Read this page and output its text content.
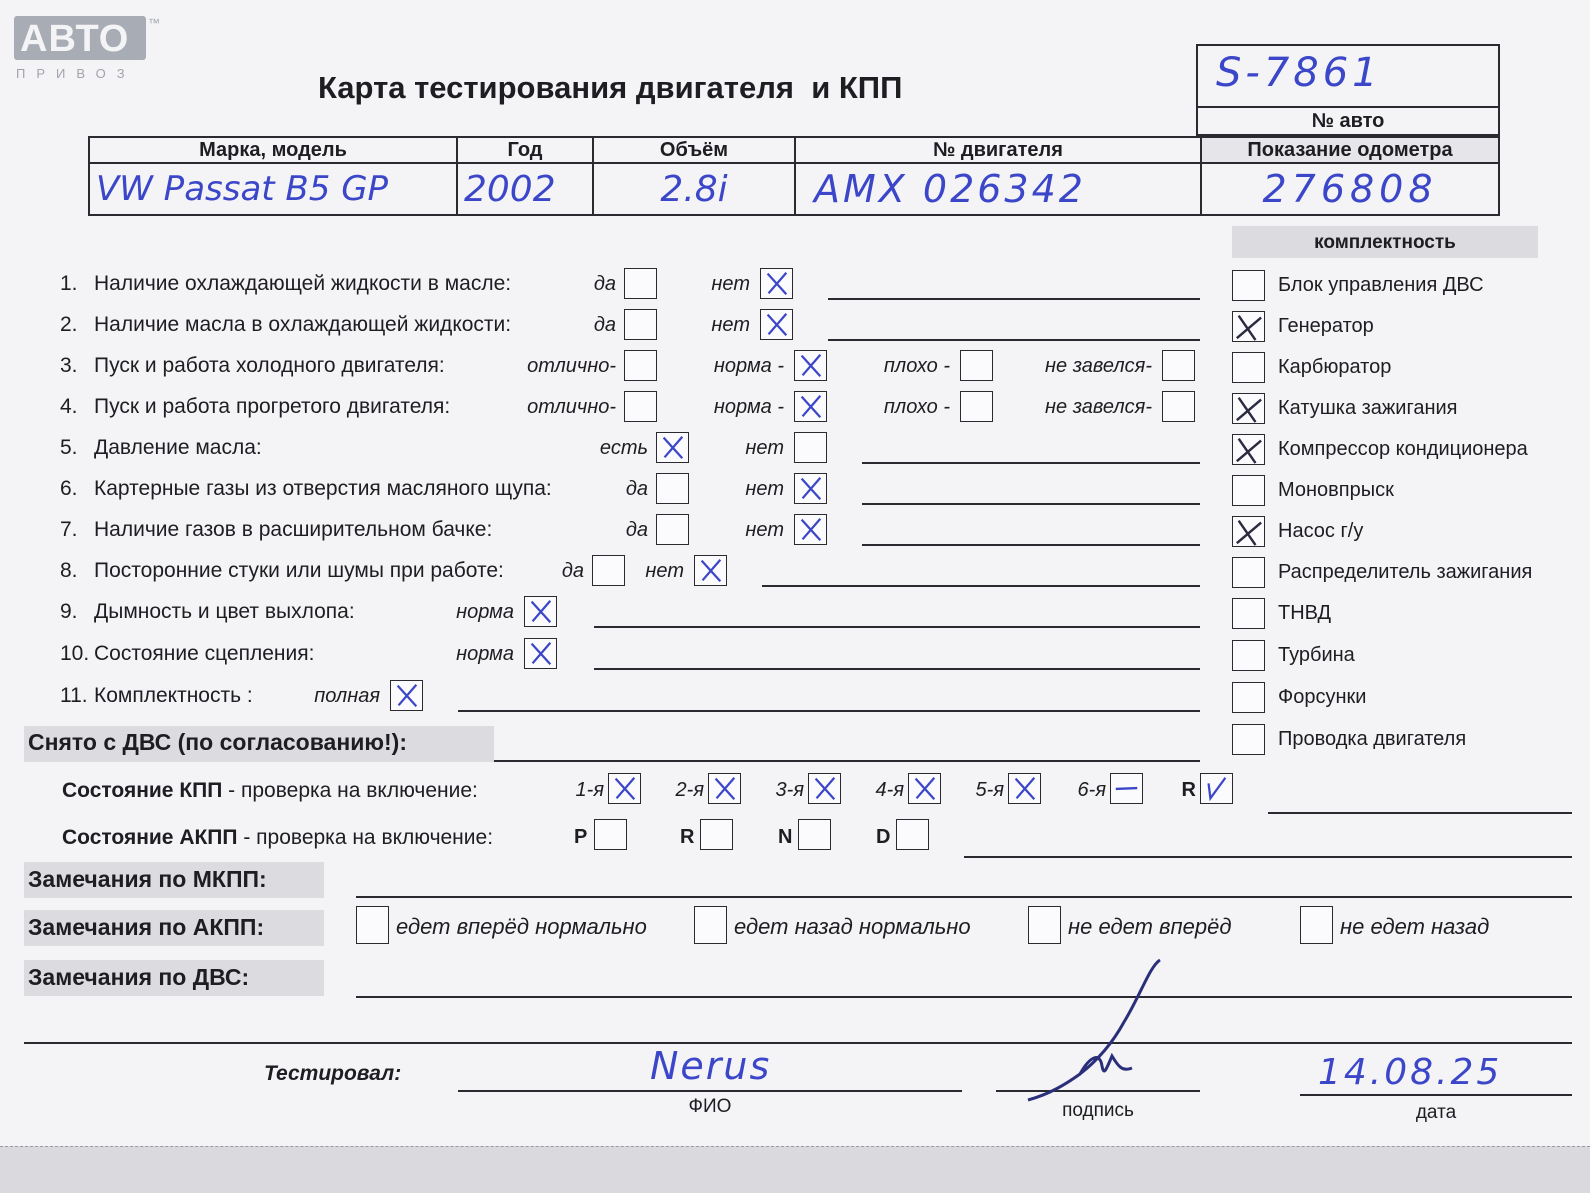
АВТО ™
ПРИВОЗ	Карта тестирования двигателя  и КПП	S-7861
№ авто
Марка, модель	Год	Объём	№ двигателя	Показание одометра
VW Passat B5 GP	2002	2.8i	AMX 026342	276808
комплектность
1. Наличие охлаждающей жидкости в масле:	да	нет
2. Наличие масла в охлаждающей жидкости:	да	нет
3. Пуск и работа холодного двигателя:	отлично-	норма -	плохо -	не завелся-
4. Пуск и работа прогретого двигателя:	отлично-	норма -	плохо -	не завелся-
5. Давление масла:	есть	нет
6. Картерные газы из отверстия масляного щупа:	да	нет
7. Наличие газов в расширительном бачке:	да	нет
8. Посторонние стуки или шумы при работе:	да	нет
9. Дымность и цвет выхлопа:	норма
10. Состояние сцепления:	норма
11. Комплектность :	полная
Блок управления ДВС
Генератор
Карбюратор
Катушка зажигания
Компрессор кондиционера
Моновпрыск
Насос г/у
Распределитель зажигания
ТНВД
Турбина
Форсунки
Проводка двигателя
Снято с ДВС (по согласованию!):
Состояние КПП - проверка на включение:	1-я	2-я	3-я	4-я	5-я	6-я	R
Состояние АКПП - проверка на включение:	P	R	N	D
Замечания по МКПП:
Замечания по АКПП:	едет вперёд нормально	едет назад нормально	не едет вперёд	не едет назад
Замечания по ДВС:
Тестировал:	Nerus
ФИО	подпись
14.08.25
дата
